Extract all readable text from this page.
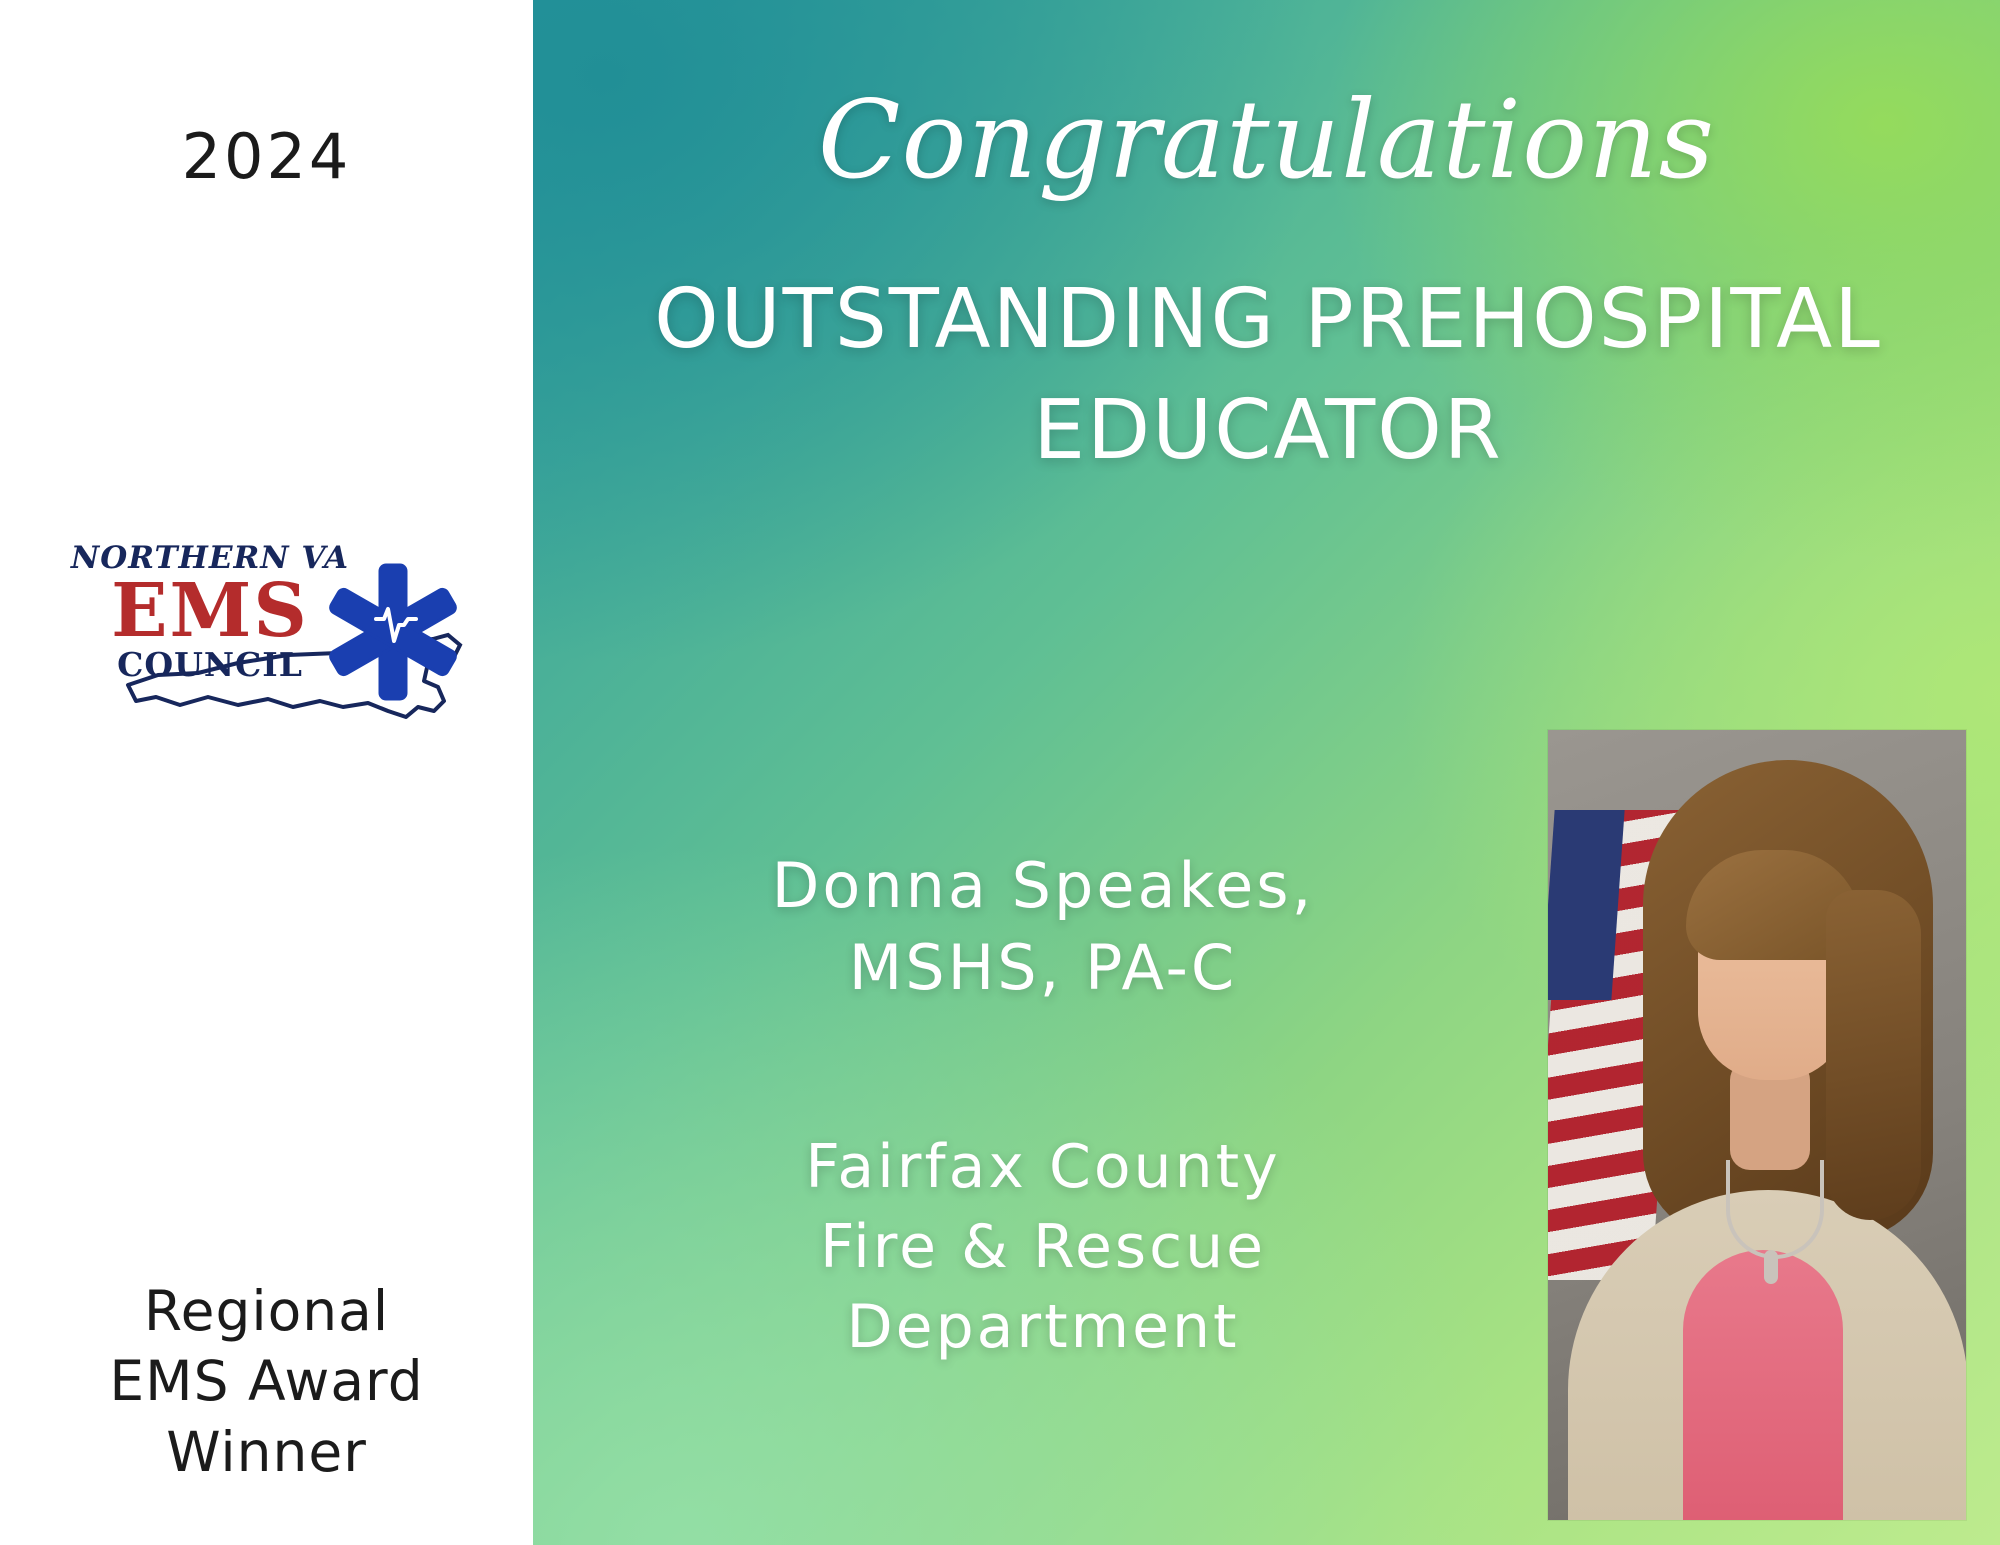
2024
NORTHERN VA
EMS
COUNCIL
Regional
EMS Award
Winner
Congratulations
OUTSTANDING PREHOSPITAL EDUCATOR
Donna Speakes,
MSHS, PA-C
Fairfax County
Fire & Rescue
Department
